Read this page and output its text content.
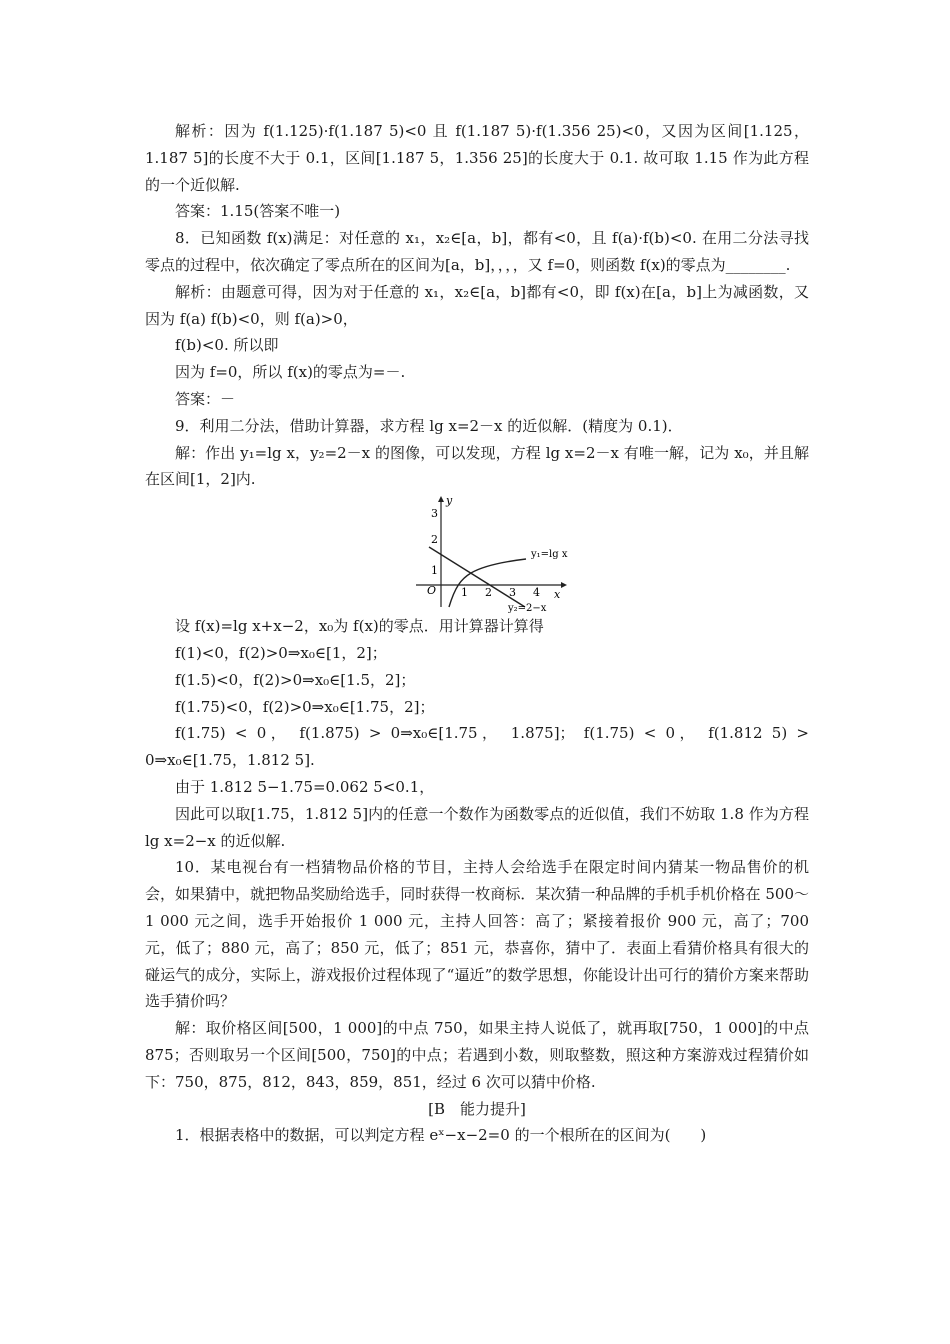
解析：因为 f(1.125)·f(1.187 5)<0 且 f(1.187 5)·f(1.356 25)<0，又因为区间[1.125，1.187 5]的长度不大于 0.1，区间[1.187 5，1.356 25]的长度大于 0.1. 故可取 1.15 作为此方程的一个近似解.

答案：1.15(答案不唯一)

8．已知函数 f(x)满足：对任意的 x₁，x₂∈[a，b]，都有<0，且 f(a)·f(b)<0. 在用二分法寻找零点的过程中，依次确定了零点所在的区间为[a，b]，，，，又 f=0，则函数 f(x)的零点为________.

解析：由题意可得，因为对于任意的 x₁，x₂∈[a，b]都有<0，即 f(x)在[a，b]上为减函数，又因为 f(a) f(b)<0，则 f(a)>0，

f(b)<0. 所以即

因为 f=0，所以 f(x)的零点为=－.

答案：－

9．利用二分法，借助计算器，求方程 lg x=2－x 的近似解．(精度为 0.1)．

解：作出 y₁=lg x，y₂=2－x 的图像，可以发现，方程 lg x=2－x 有唯一解，记为 x₀，并且解在区间[1，2]内.

O 1 2 3 4
1
2
3
y
x
y₁=lg x
y₂=2−x

设 f(x)=lg x+x−2，x₀为 f(x)的零点．用计算器计算得

f(1)<0，f(2)>0⇒x₀∈[1，2]；

f(1.5)<0，f(2)>0⇒x₀∈[1.5，2]；

f(1.75)<0，f(2)>0⇒x₀∈[1.75，2]；

f(1.75) < 0， f(1.875) > 0⇒x₀∈[1.75， 1.875]； f(1.75) < 0， f(1.812 5) > 0⇒x₀∈[1.75，1.812 5].

由于 1.812 5−1.75=0.062 5<0.1，

因此可以取[1.75，1.812 5]内的任意一个数作为函数零点的近似值，我们不妨取 1.8 作为方程 lg x=2−x 的近似解.

10．某电视台有一档猜物品价格的节目，主持人会给选手在限定时间内猜某一物品售价的机会，如果猜中，就把物品奖励给选手，同时获得一枚商标．某次猜一种品牌的手机手机价格在 500～1 000 元之间，选手开始报价 1 000 元，主持人回答：高了；紧接着报价 900 元，高了；700 元，低了；880 元，高了；850 元，低了；851 元，恭喜你，猜中了．表面上看猜价格具有很大的碰运气的成分，实际上，游戏报价过程体现了“逼近”的数学思想，你能设计出可行的猜价方案来帮助选手猜价吗？

解：取价格区间[500，1 000]的中点 750，如果主持人说低了，就再取[750，1 000]的中点 875；否则取另一个区间[500，750]的中点；若遇到小数，则取整数，照这种方案游戏过程猜价如下：750，875，812，843，859，851，经过 6 次可以猜中价格.

[B　能力提升]

1．根据表格中的数据，可以判定方程 eˣ−x−2=0 的一个根所在的区间为(　　)
